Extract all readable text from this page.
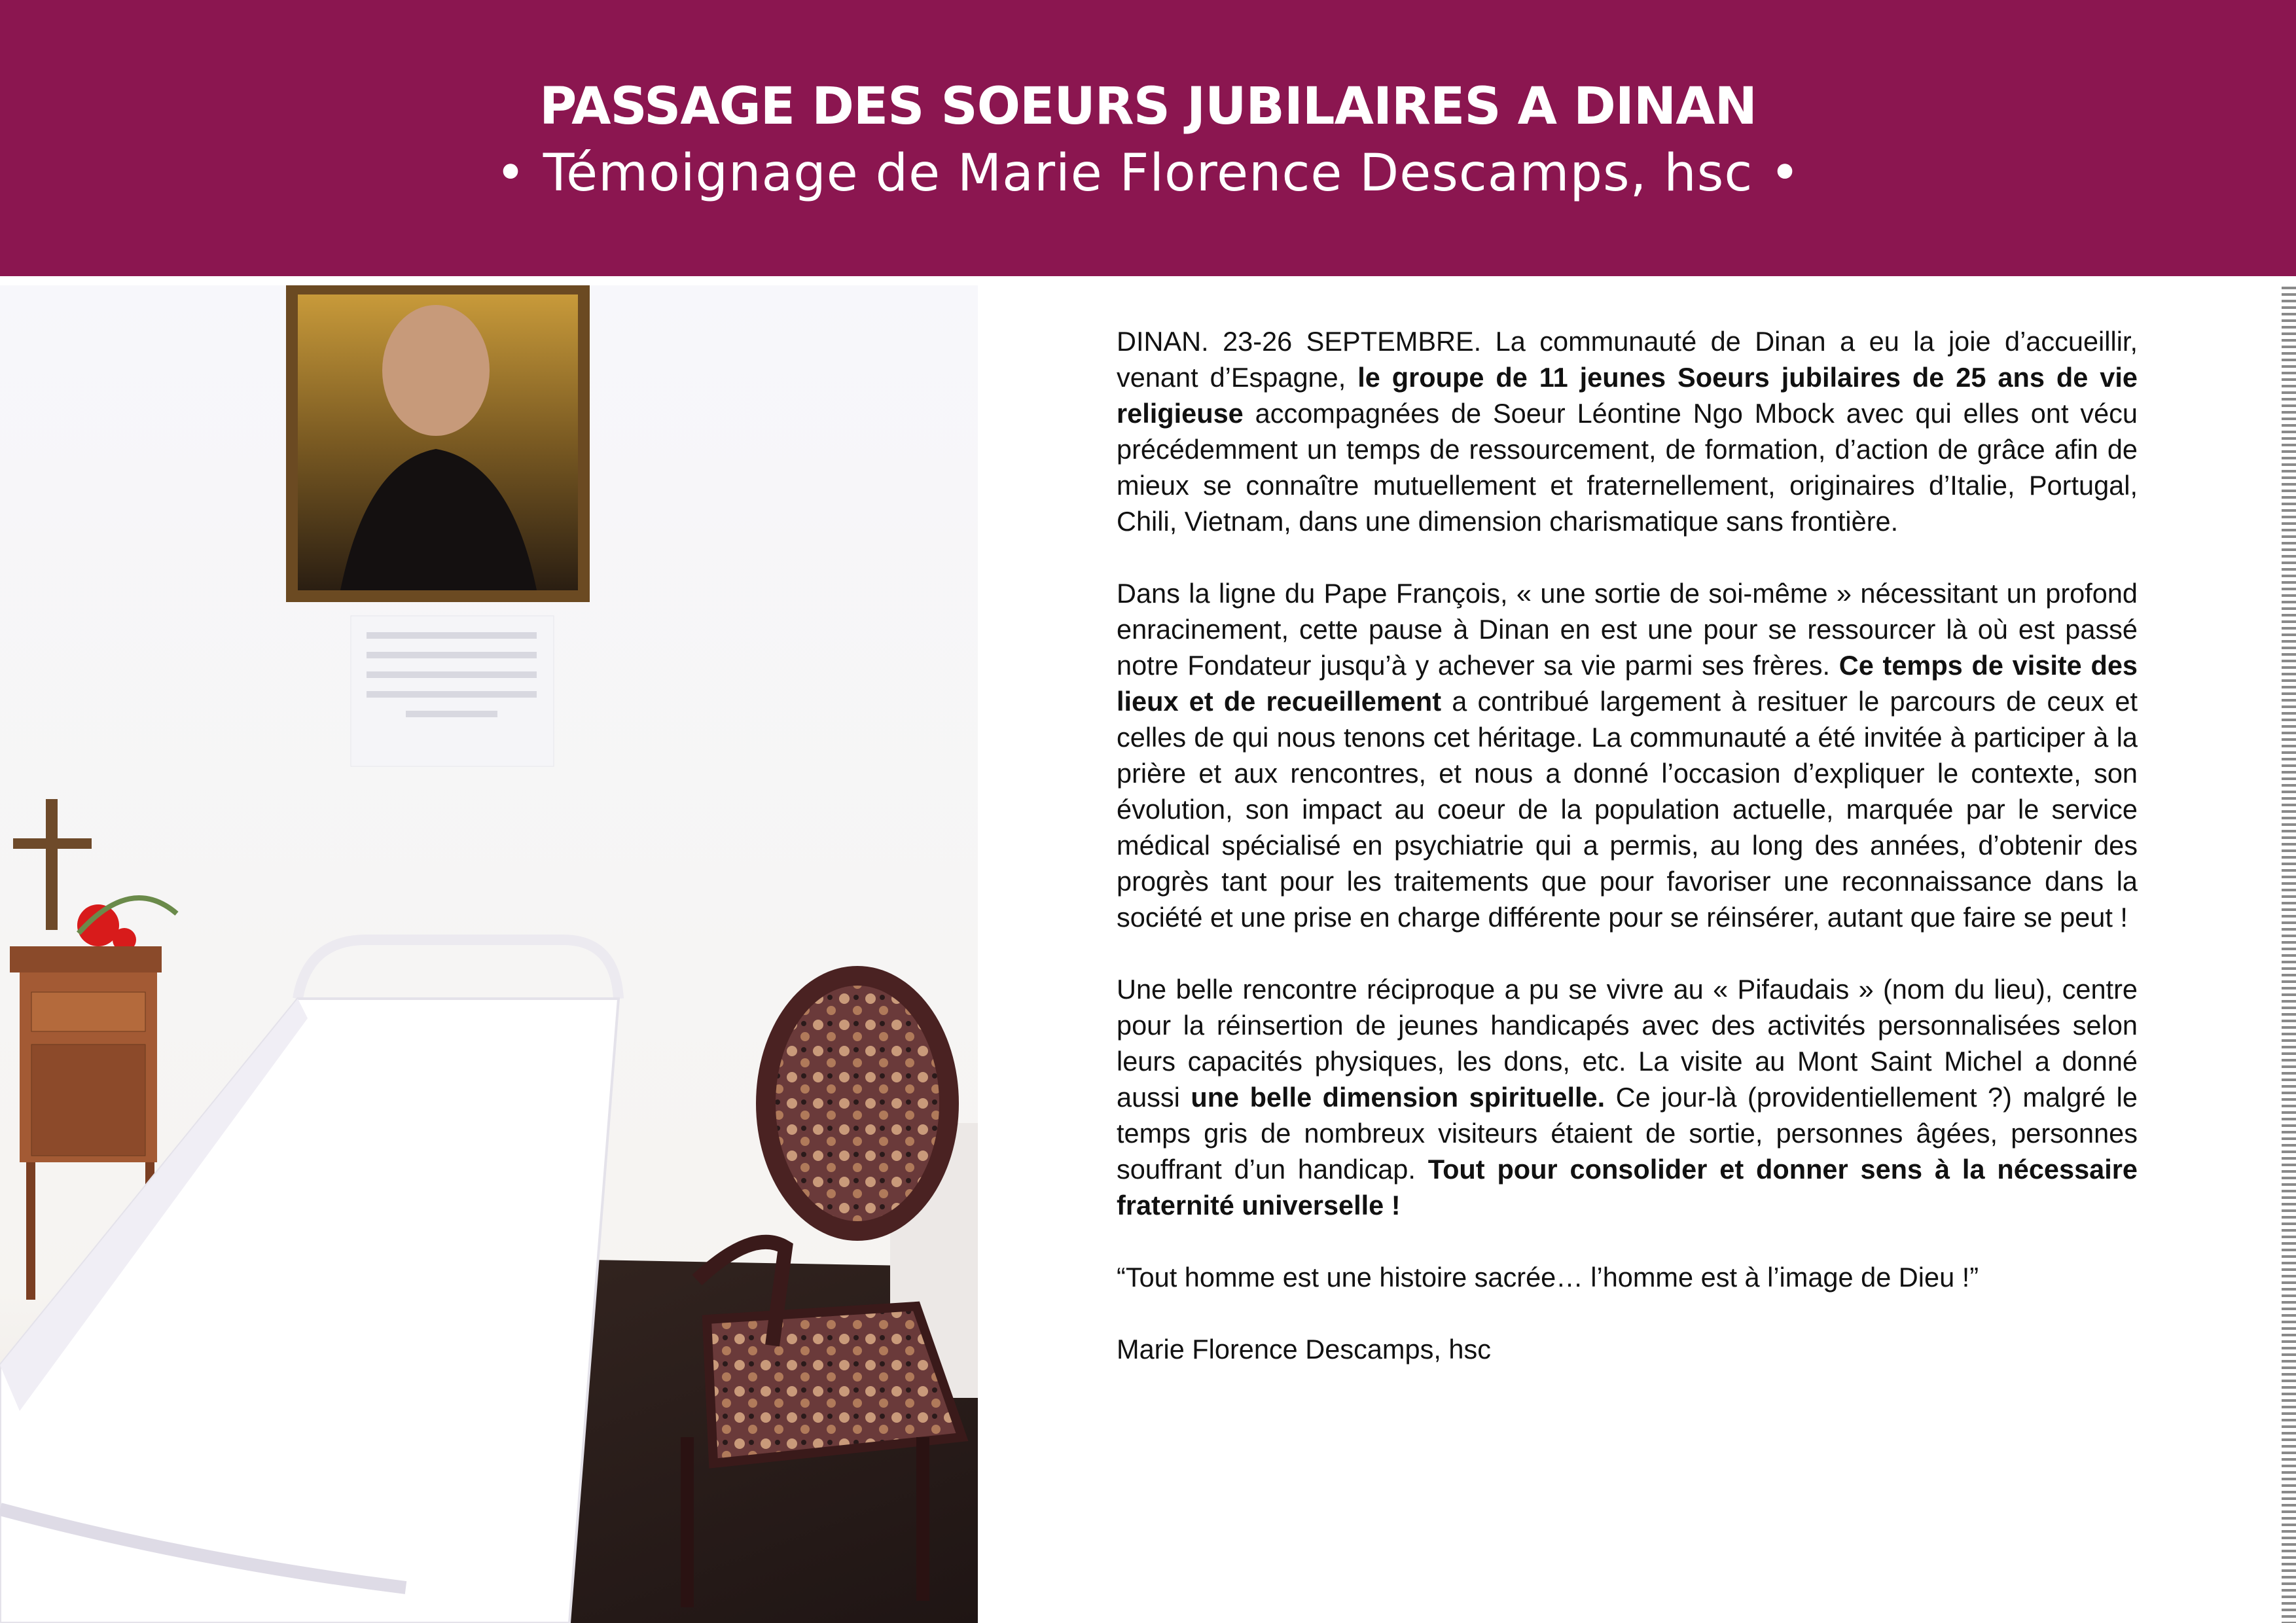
PASSAGE DES SOEURS JUBILAIRES A DINAN
• Témoignage de Marie Florence Descamps, hsc •

DINAN. 23-26 SEPTEMBRE. La communauté de Dinan a eu la joie d’accueillir, venant d’Espagne, le groupe de 11 jeunes Soeurs jubilaires de 25 ans de vie religieuse accompagnées de Soeur Léontine Ngo Mbock avec qui elles ont vécu précédemment un temps de ressourcement, de formation, d’action de grâce afin de mieux se connaître mutuellement et fraternellement, originaires d’Italie, Portugal, Chili, Vietnam, dans une dimension charismatique sans frontière.

Dans la ligne du Pape François, « une sortie de soi-même » nécessitant un profond enracinement, cette pause à Dinan en est une pour se ressourcer là où est passé notre Fondateur jusqu’à y achever sa vie parmi ses frères. Ce temps de visite des lieux et de recueillement a contribué largement à resituer le parcours de ceux et celles de qui nous tenons cet héritage. La communauté a été invitée à participer à la prière et aux rencontres, et nous a donné l’occasion d’expliquer le contexte, son évolution, son impact au coeur de la population actuelle, marquée par le service médical spécialisé en psychiatrie qui a permis, au long des années, d’obtenir des progrès tant pour les traitements que pour favoriser une reconnaissance dans la société et une prise en charge différente pour se réinsérer, autant que faire se peut !

Une belle rencontre réciproque a pu se vivre au « Pifaudais » (nom du lieu), centre pour la réinsertion de jeunes handicapés avec des activités personnalisées selon leurs capacités physiques, les dons, etc. La visite au Mont Saint Michel a donné aussi une belle dimension spirituelle. Ce jour-là (providentiellement ?) malgré le temps gris de nombreux visiteurs étaient de sortie, personnes âgées, personnes souffrant d’un handicap. Tout pour consolider et donner sens à la nécessaire fraternité universelle !

“Tout homme est une histoire sacrée… l’homme est à l’image de Dieu !”

Marie Florence Descamps, hsc
